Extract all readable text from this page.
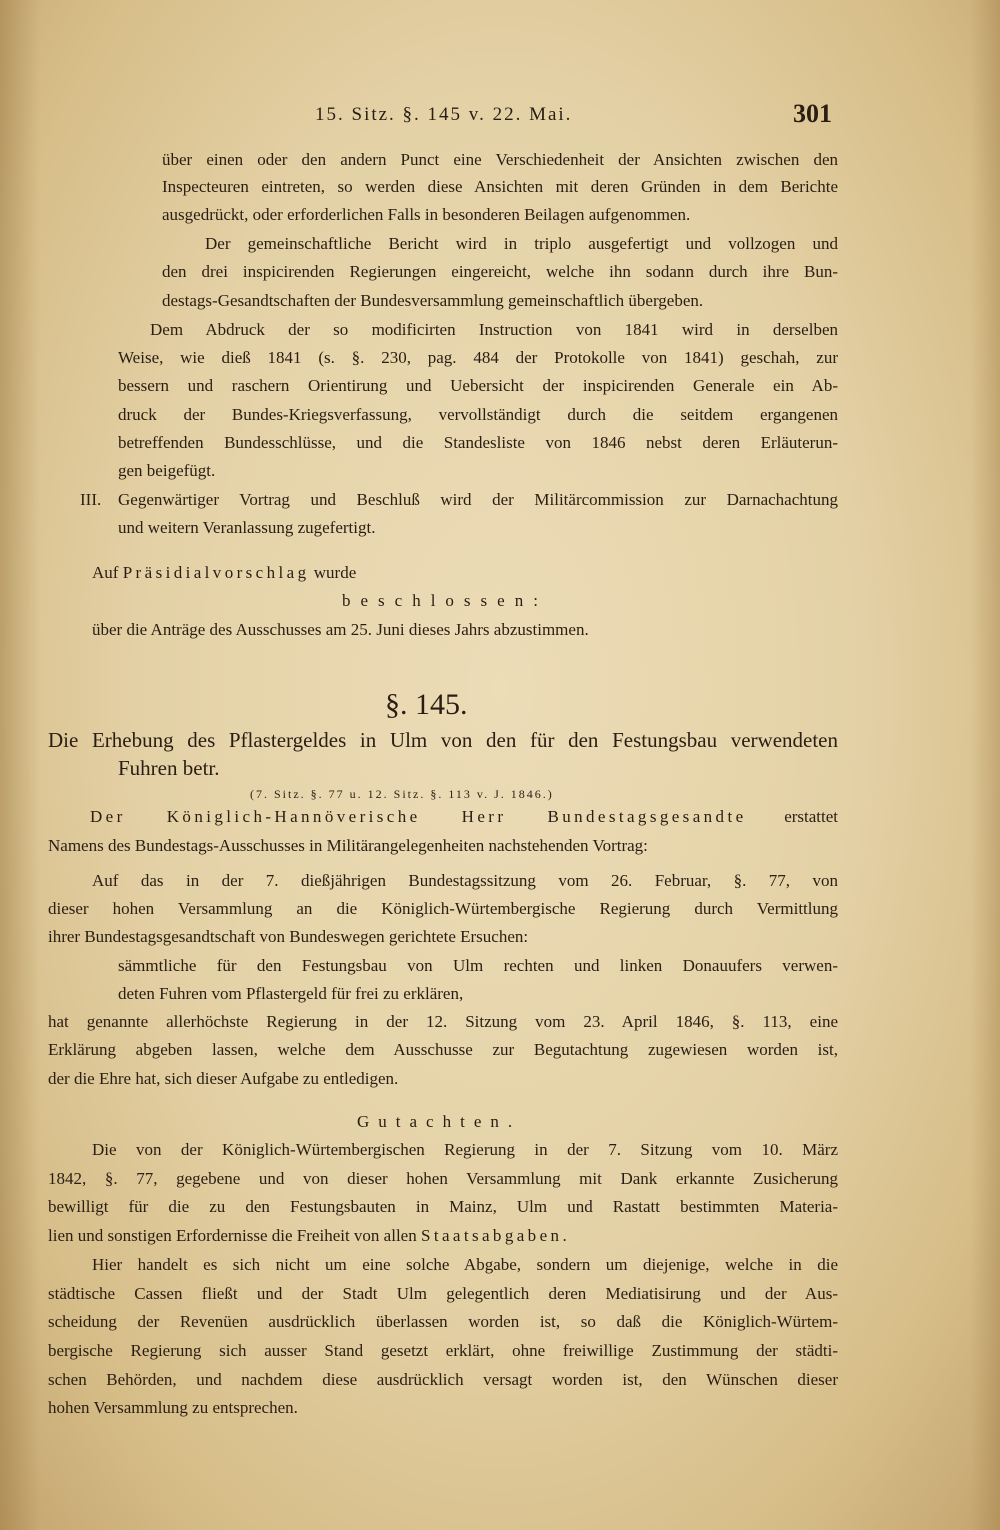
15. Sitz. §. 145 v. 22. Mai.	301
über einen oder den andern Punct eine Verschiedenheit der Ansichten zwischen den
Inspecteuren eintreten, so werden diese Ansichten mit deren Gründen in dem Berichte
ausgedrückt, oder erforderlichen Falls in besonderen Beilagen aufgenommen.
Der gemeinschaftliche Bericht wird in triplo ausgefertigt und vollzogen und
den drei inspicirenden Regierungen eingereicht, welche ihn sodann durch ihre Bun-
destags-Gesandtschaften der Bundesversammlung gemeinschaftlich übergeben.
Dem Abdruck der so modificirten Instruction von 1841 wird in derselben
Weise, wie dieß 1841 (s. §. 230, pag. 484 der Protokolle von 1841) geschah, zur
bessern und raschern Orientirung und Uebersicht der inspicirenden Generale ein Ab-
druck der Bundes-Kriegsverfassung, vervollständigt durch die seitdem ergangenen
betreffenden Bundesschlüsse, und die Standesliste von 1846 nebst deren Erläuterun-
gen beigefügt.
III. Gegenwärtiger Vortrag und Beschluß wird der Militärcommission zur Darnachachtung
und weitern Veranlassung zugefertigt.
Auf Präsidialvorschlag wurde
beschlossen:
über die Anträge des Ausschusses am 25. Juni dieses Jahrs abzustimmen.
§. 145.
Die Erhebung des Pflastergeldes in Ulm von den für den Festungsbau verwendeten
Fuhren betr.
(7. Sitz. §. 77 u. 12. Sitz. §. 113 v. J. 1846.)
Der Königlich-Hannöverische Herr Bundestagsgesandte erstattet
Namens des Bundestags-Ausschusses in Militärangelegenheiten nachstehenden Vortrag:
Auf das in der 7. dießjährigen Bundestagssitzung vom 26. Februar, §. 77, von
dieser hohen Versammlung an die Königlich-Würtembergische Regierung durch Vermittlung
ihrer Bundestagsgesandtschaft von Bundeswegen gerichtete Ersuchen:
sämmtliche für den Festungsbau von Ulm rechten und linken Donauufers verwen-
deten Fuhren vom Pflastergeld für frei zu erklären,
hat genannte allerhöchste Regierung in der 12. Sitzung vom 23. April 1846, §. 113, eine
Erklärung abgeben lassen, welche dem Ausschusse zur Begutachtung zugewiesen worden ist,
der die Ehre hat, sich dieser Aufgabe zu entledigen.
Gutachten.
Die von der Königlich-Würtembergischen Regierung in der 7. Sitzung vom 10. März
1842, §. 77, gegebene und von dieser hohen Versammlung mit Dank erkannte Zusicherung
bewilligt für die zu den Festungsbauten in Mainz, Ulm und Rastatt bestimmten Materia-
lien und sonstigen Erfordernisse die Freiheit von allen Staatsabgaben.
Hier handelt es sich nicht um eine solche Abgabe, sondern um diejenige, welche in die
städtische Cassen fließt und der Stadt Ulm gelegentlich deren Mediatisirung und der Aus-
scheidung der Revenüen ausdrücklich überlassen worden ist, so daß die Königlich-Würtem-
bergische Regierung sich ausser Stand gesetzt erklärt, ohne freiwillige Zustimmung der städti-
schen Behörden, und nachdem diese ausdrücklich versagt worden ist, den Wünschen dieser
hohen Versammlung zu entsprechen.
